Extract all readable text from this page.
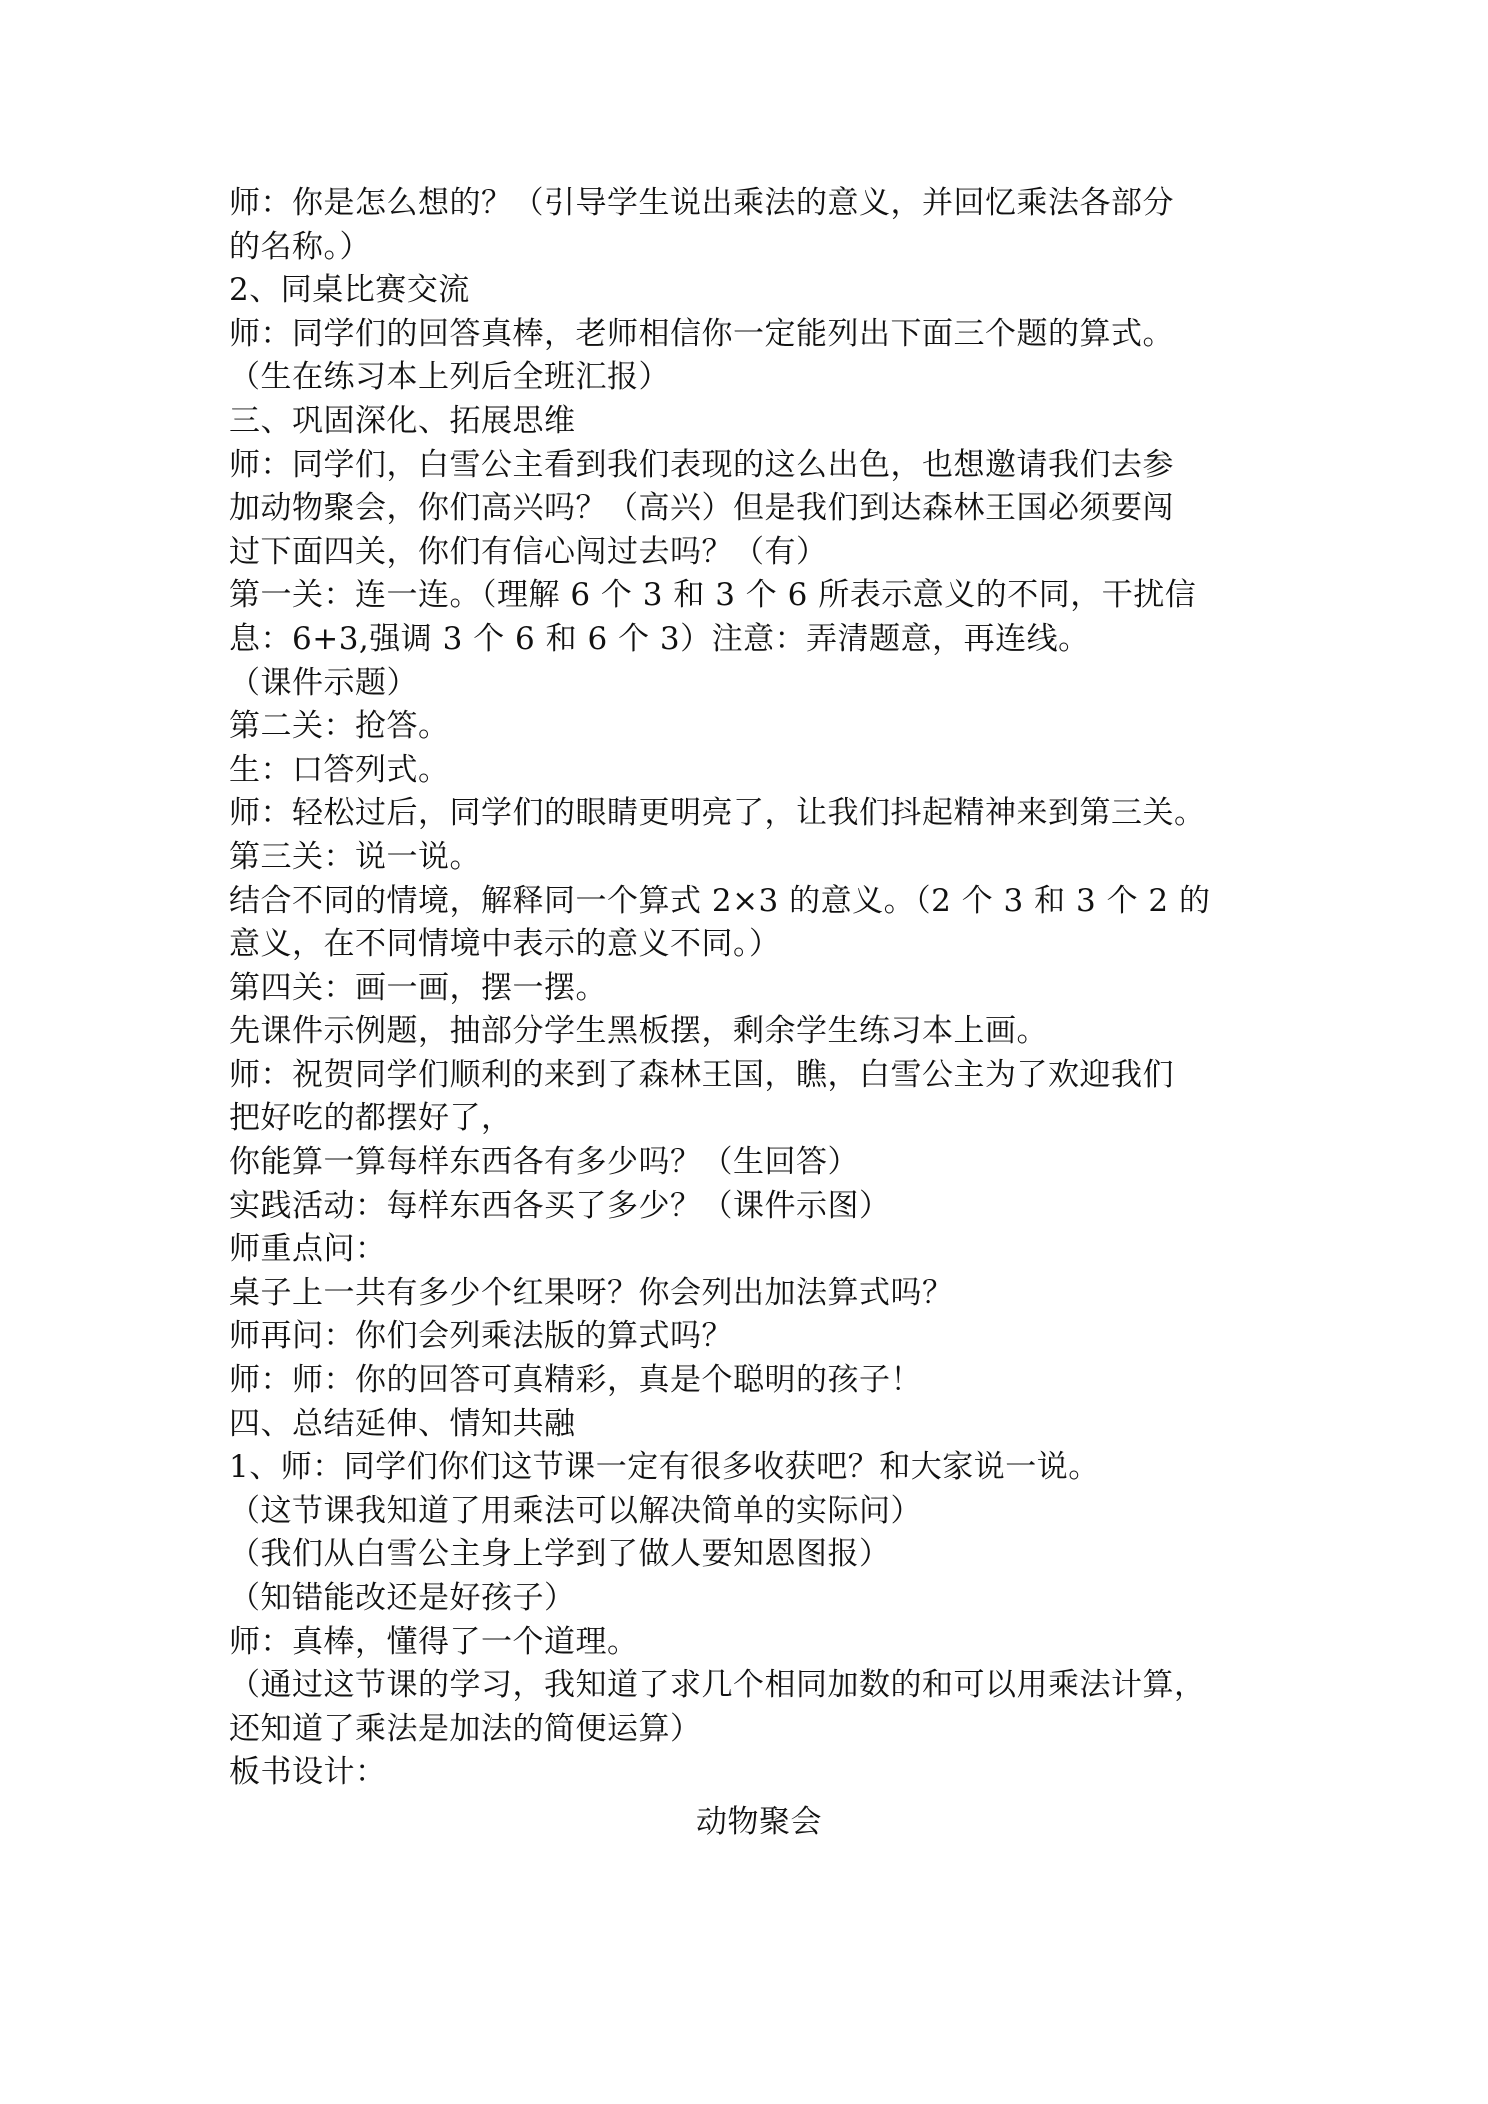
师：你是怎么想的？（引导学生说出乘法的意义，并回忆乘法各部分
的名称。）
2、同桌比赛交流
师：同学们的回答真棒，老师相信你一定能列出下面三个题的算式。
（生在练习本上列后全班汇报）
三、巩固深化、拓展思维
师：同学们，白雪公主看到我们表现的这么出色，也想邀请我们去参
加动物聚会，你们高兴吗？（高兴）但是我们到达森林王国必须要闯
过下面四关，你们有信心闯过去吗？（有）
第一关：连一连。（理解 6 个 3 和 3 个 6 所表示意义的不同，干扰信
息：6+3,强调 3 个 6 和 6 个 3）注意：弄清题意，再连线。
（课件示题）
第二关：抢答。
生：口答列式。
师：轻松过后，同学们的眼睛更明亮了，让我们抖起精神来到第三关。
第三关：说一说。
结合不同的情境，解释同一个算式 2×3 的意义。（2 个 3 和 3 个 2 的
意义，在不同情境中表示的意义不同。）
第四关：画一画，摆一摆。
先课件示例题，抽部分学生黑板摆，剩余学生练习本上画。
师：祝贺同学们顺利的来到了森林王国，瞧，白雪公主为了欢迎我们
把好吃的都摆好了，
你能算一算每样东西各有多少吗？（生回答）
实践活动：每样东西各买了多少？（课件示图）
师重点问：
桌子上一共有多少个红果呀？你会列出加法算式吗？
师再问：你们会列乘法版的算式吗？
师：师：你的回答可真精彩，真是个聪明的孩子！
四、总结延伸、情知共融
1、师：同学们你们这节课一定有很多收获吧？和大家说一说。
（这节课我知道了用乘法可以解决简单的实际问）
（我们从白雪公主身上学到了做人要知恩图报）
（知错能改还是好孩子）
师：真棒，懂得了一个道理。
（通过这节课的学习，我知道了求几个相同加数的和可以用乘法计算，
还知道了乘法是加法的简便运算）
板书设计：
动物聚会
